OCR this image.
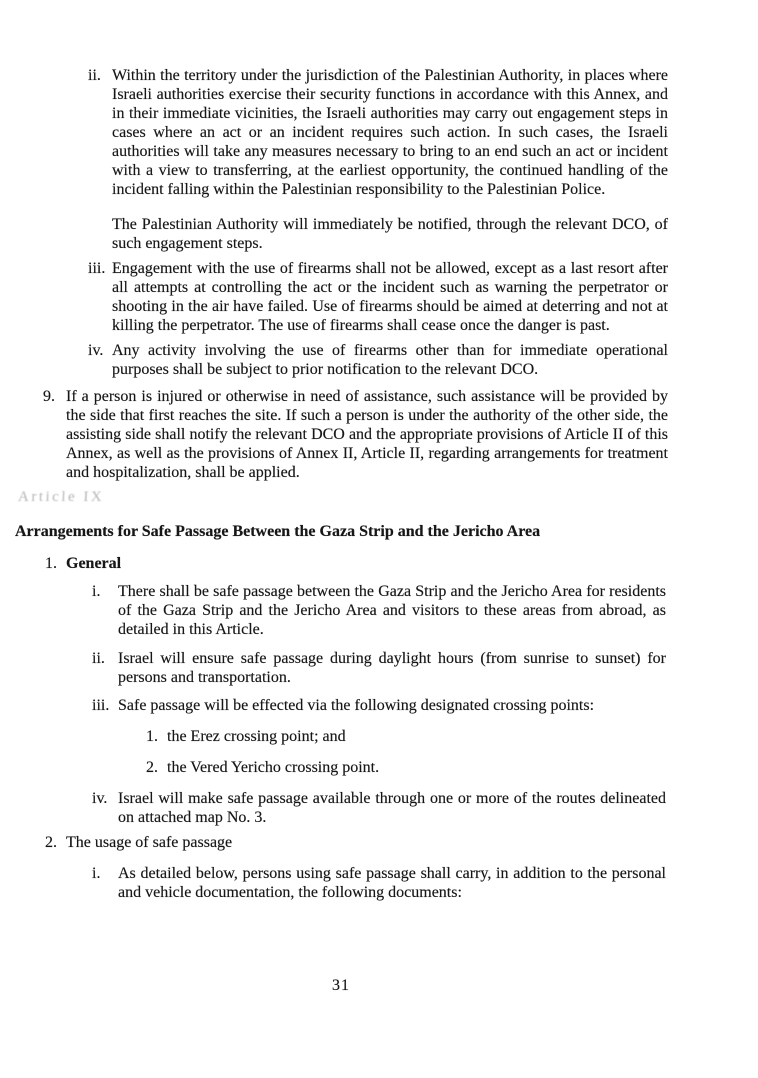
ii. Within the territory under the jurisdiction of the Palestinian Authority, in places where Israeli authorities exercise their security functions in accordance with this Annex, and in their immediate vicinities, the Israeli authorities may carry out engagement steps in cases where an act or an incident requires such action. In such cases, the Israeli authorities will take any measures necessary to bring to an end such an act or incident with a view to transferring, at the earliest opportunity, the continued handling of the incident falling within the Palestinian responsibility to the Palestinian Police.
The Palestinian Authority will immediately be notified, through the relevant DCO, of such engagement steps.
iii. Engagement with the use of firearms shall not be allowed, except as a last resort after all attempts at controlling the act or the incident such as warning the perpetrator or shooting in the air have failed. Use of firearms should be aimed at deterring and not at killing the perpetrator. The use of firearms shall cease once the danger is past.
iv. Any activity involving the use of firearms other than for immediate operational purposes shall be subject to prior notification to the relevant DCO.
9. If a person is injured or otherwise in need of assistance, such assistance will be provided by the side that first reaches the site. If such a person is under the authority of the other side, the assisting side shall notify the relevant DCO and the appropriate provisions of Article II of this Annex, as well as the provisions of Annex II, Article II, regarding arrangements for treatment and hospitalization, shall be applied.
Article IX
Arrangements for Safe Passage Between the Gaza Strip and the Jericho Area
1. General
i.	There shall be safe passage between the Gaza Strip and the Jericho Area for residents of the Gaza Strip and the Jericho Area and visitors to these areas from abroad, as detailed in this Article.
ii. Israel will ensure safe passage during daylight hours (from sunrise to sunset) for persons and transportation.
iii. Safe passage will be effected via the following designated crossing points:
1. the Erez crossing point; and
2. the Vered Yericho crossing point.
iv. Israel will make safe passage available through one or more of the routes delineated on attached map No. 3.
2. The usage of safe passage
i.	As detailed below, persons using safe passage shall carry, in addition to the personal and vehicle documentation, the following documents:
31
